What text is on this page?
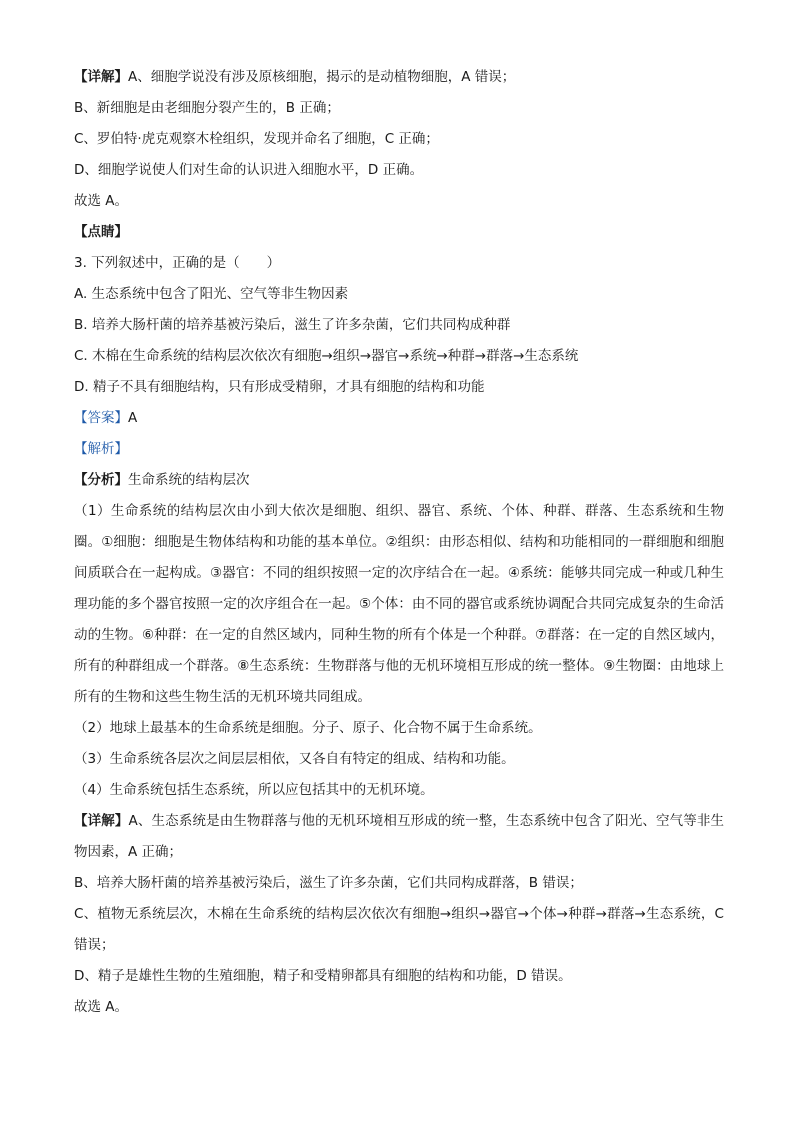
【详解】A、细胞学说没有涉及原核细胞，揭示的是动植物细胞，A 错误；
B、新细胞是由老细胞分裂产生的，B 正确；
C、罗伯特·虎克观察木栓组织，发现并命名了细胞，C 正确；
D、细胞学说使人们对生命的认识进入细胞水平，D 正确。
故选 A。
【点睛】
3. 下列叙述中，正确的是（　　）
A. 生态系统中包含了阳光、空气等非生物因素
B. 培养大肠杆菌的培养基被污染后，滋生了许多杂菌，它们共同构成种群
C. 木棉在生命系统的结构层次依次有细胞→组织→器官→系统→种群→群落→生态系统
D. 精子不具有细胞结构，只有形成受精卵，才具有细胞的结构和功能
【答案】A
【解析】
【分析】生命系统的结构层次
（1）生命系统的结构层次由小到大依次是细胞、组织、器官、系统、个体、种群、群落、生态系统和生物圈。①细胞：细胞是生物体结构和功能的基本单位。②组织：由形态相似、结构和功能相同的一群细胞和细胞间质联合在一起构成。③器官：不同的组织按照一定的次序结合在一起。④系统：能够共同完成一种或几种生理功能的多个器官按照一定的次序组合在一起。⑤个体：由不同的器官或系统协调配合共同完成复杂的生命活动的生物。⑥种群：在一定的自然区域内，同种生物的所有个体是一个种群。⑦群落：在一定的自然区域内，所有的种群组成一个群落。⑧生态系统：生物群落与他的无机环境相互形成的统一整体。⑨生物圈：由地球上所有的生物和这些生物生活的无机环境共同组成。
（2）地球上最基本的生命系统是细胞。分子、原子、化合物不属于生命系统。
（3）生命系统各层次之间层层相依，又各自有特定的组成、结构和功能。
（4）生命系统包括生态系统，所以应包括其中的无机环境。
【详解】A、生态系统是由生物群落与他的无机环境相互形成的统一整，生态系统中包含了阳光、空气等非生物因素，A 正确；
B、培养大肠杆菌的培养基被污染后，滋生了许多杂菌，它们共同构成群落，B 错误；
C、植物无系统层次，木棉在生命系统的结构层次依次有细胞→组织→器官→个体→种群→群落→生态系统，C 错误；
D、精子是雄性生物的生殖细胞，精子和受精卵都具有细胞的结构和功能，D 错误。
故选 A。
